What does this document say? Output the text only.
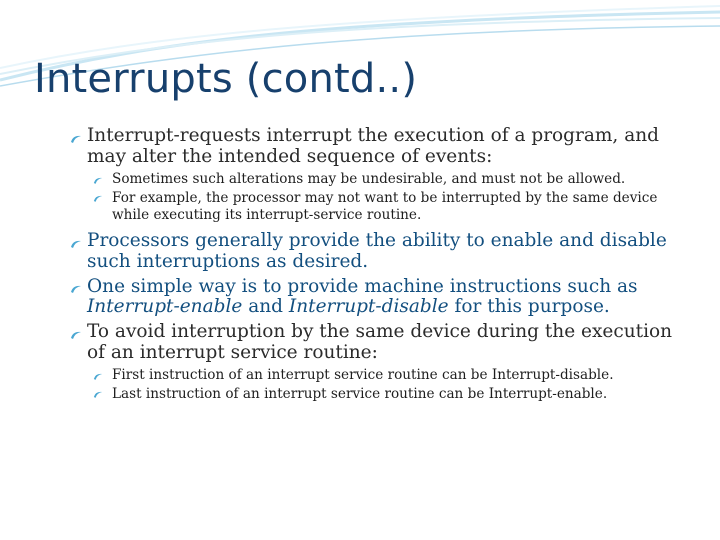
Interrupts (contd..)

Interrupt-requests interrupt the execution of a program, and may alter the intended sequence of events:

Sometimes such alterations may be undesirable, and must not be allowed.

For example, the processor may not want to be interrupted by the same device while executing its interrupt-service routine.

Processors generally provide the ability to enable and disable such interruptions as desired.

One simple way is to provide machine instructions such as Interrupt-enable and Interrupt-disable for this purpose.

To avoid interruption by the same device during the execution of an interrupt service routine:

First instruction of an interrupt service routine can be Interrupt-disable.

Last instruction of an interrupt service routine can be Interrupt-enable.
